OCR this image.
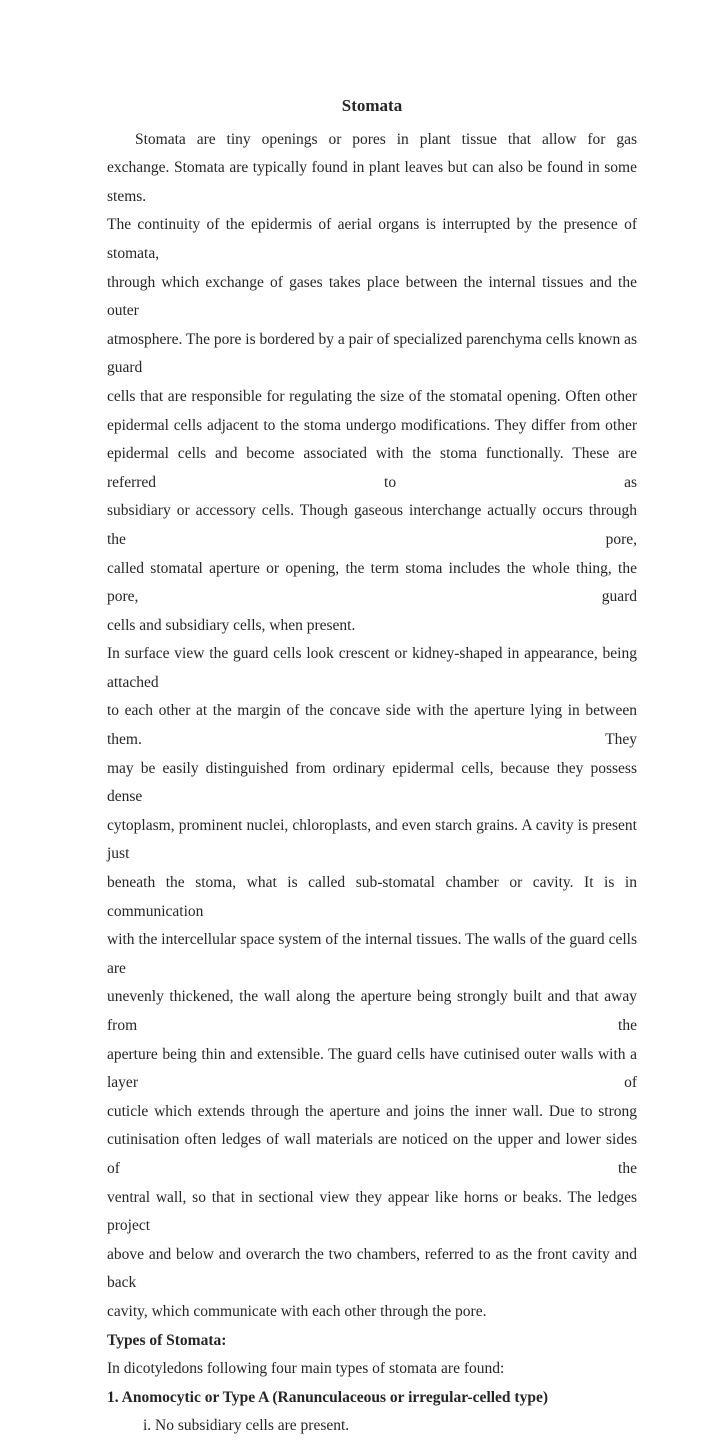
Stomata
Stomata are tiny openings or pores in plant tissue that allow for gas
exchange. Stomata are typically found in plant leaves but can also be found in some stems.
The continuity of the epidermis of aerial organs is interrupted by the presence of stomata,
through which exchange of gases takes place between the internal tissues and the outer
atmosphere. The pore is bordered by a pair of specialized parenchyma cells known as guard
cells that are responsible for regulating the size of the stomatal opening. Often other
epidermal cells adjacent to the stoma undergo modifications. They differ from other
epidermal cells and become associated with the stoma functionally. These are referred to as
subsidiary or accessory cells. Though gaseous interchange actually occurs through the pore,
called stomatal aperture or opening, the term stoma includes the whole thing, the pore, guard
cells and subsidiary cells, when present.
In surface view the guard cells look crescent or kidney-shaped in appearance, being attached
to each other at the margin of the concave side with the aperture lying in between them. They
may be easily distinguished from ordinary epidermal cells, because they possess dense
cytoplasm, prominent nuclei, chloroplasts, and even starch grains. A cavity is present just
beneath the stoma, what is called sub-stomatal chamber or cavity. It is in communication
with the intercellular space system of the internal tissues. The walls of the guard cells are
unevenly thickened, the wall along the aperture being strongly built and that away from the
aperture being thin and extensible. The guard cells have cutinised outer walls with a layer of
cuticle which extends through the aperture and joins the inner wall. Due to strong
cutinisation often ledges of wall materials are noticed on the upper and lower sides of the
ventral wall, so that in sectional view they appear like horns or beaks. The ledges project
above and below and overarch the two chambers, referred to as the front cavity and back
cavity, which communicate with each other through the pore.
Types of Stomata:
In dicotyledons following four main types of stomata are found:
1. Anomocytic or Type A (Ranunculaceous or irregular-celled type)
i. No subsidiary cells are present.
